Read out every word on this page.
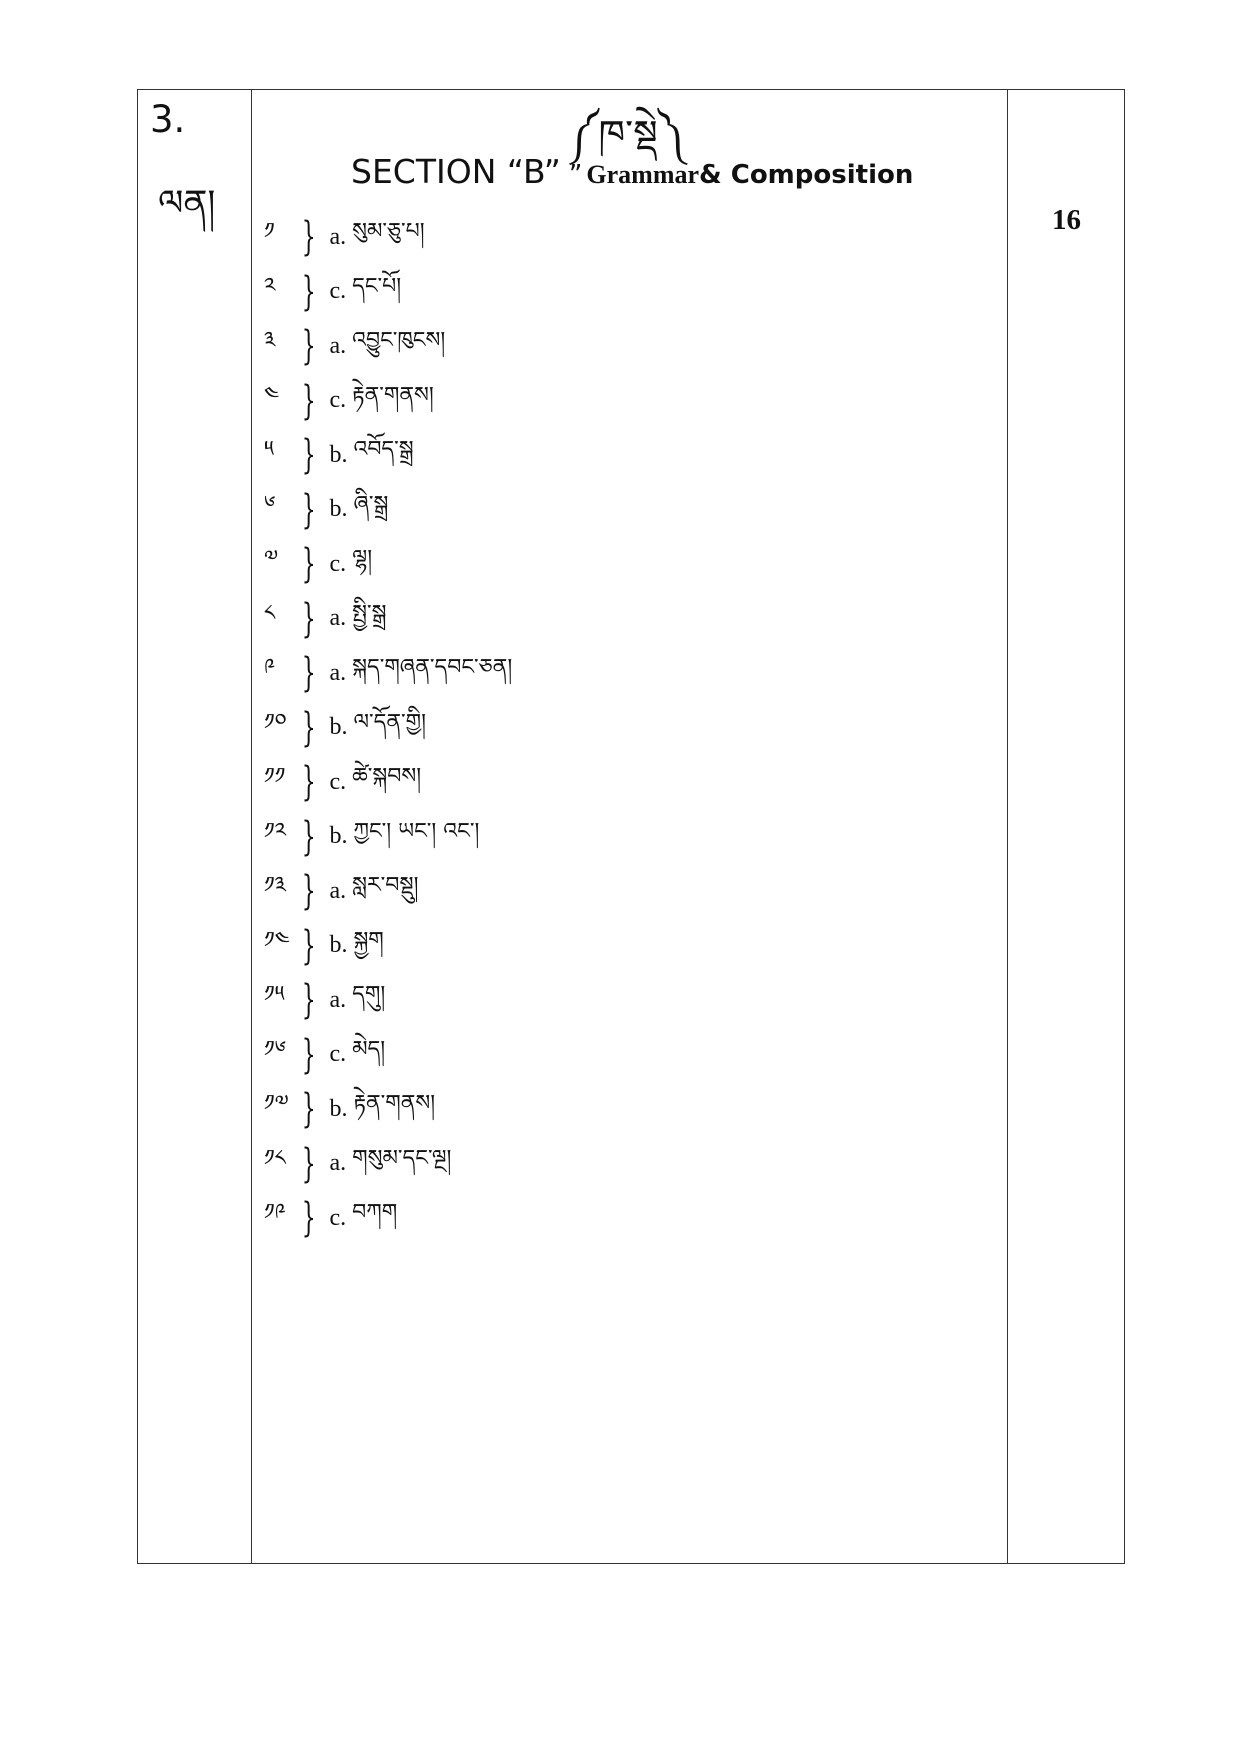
3.
ལན།
༼ཁ་སྡེ༽
SECTION “B” ” Grammar& Composition
༡ } a. སུམ་ཅུ་པ།
༢ } c. དང་པོ།
༣ } a. འབྱུང་ཁུངས།
༤ } c. རྟེན་གནས།
༥ } b. འབོད་སྒྲ
༦ } b. ཞི་སྒྲ
༧ } c. ལྷ།
༨ } a. སྤྱི་སྒྲ
༩ } a. སྐད་གཞན་དབང་ཅན།
༡༠ } b. ལ་དོན་གྱི།
༡༡ } c. ཚེ་སྐབས།
༡༢ } b. ཀྱང་། ཡང་། འང་།
༡༣ } a. སླར་བསྡུ།
༡༤ } b. སྐྱག
༡༥ } a. དགུ།
༡༦ } c. མེད།
༡༧ } b. རྟེན་གནས།
༡༨ } a. གསུམ་དང་ལྔ།
༡༩ } c. བཀག
16
